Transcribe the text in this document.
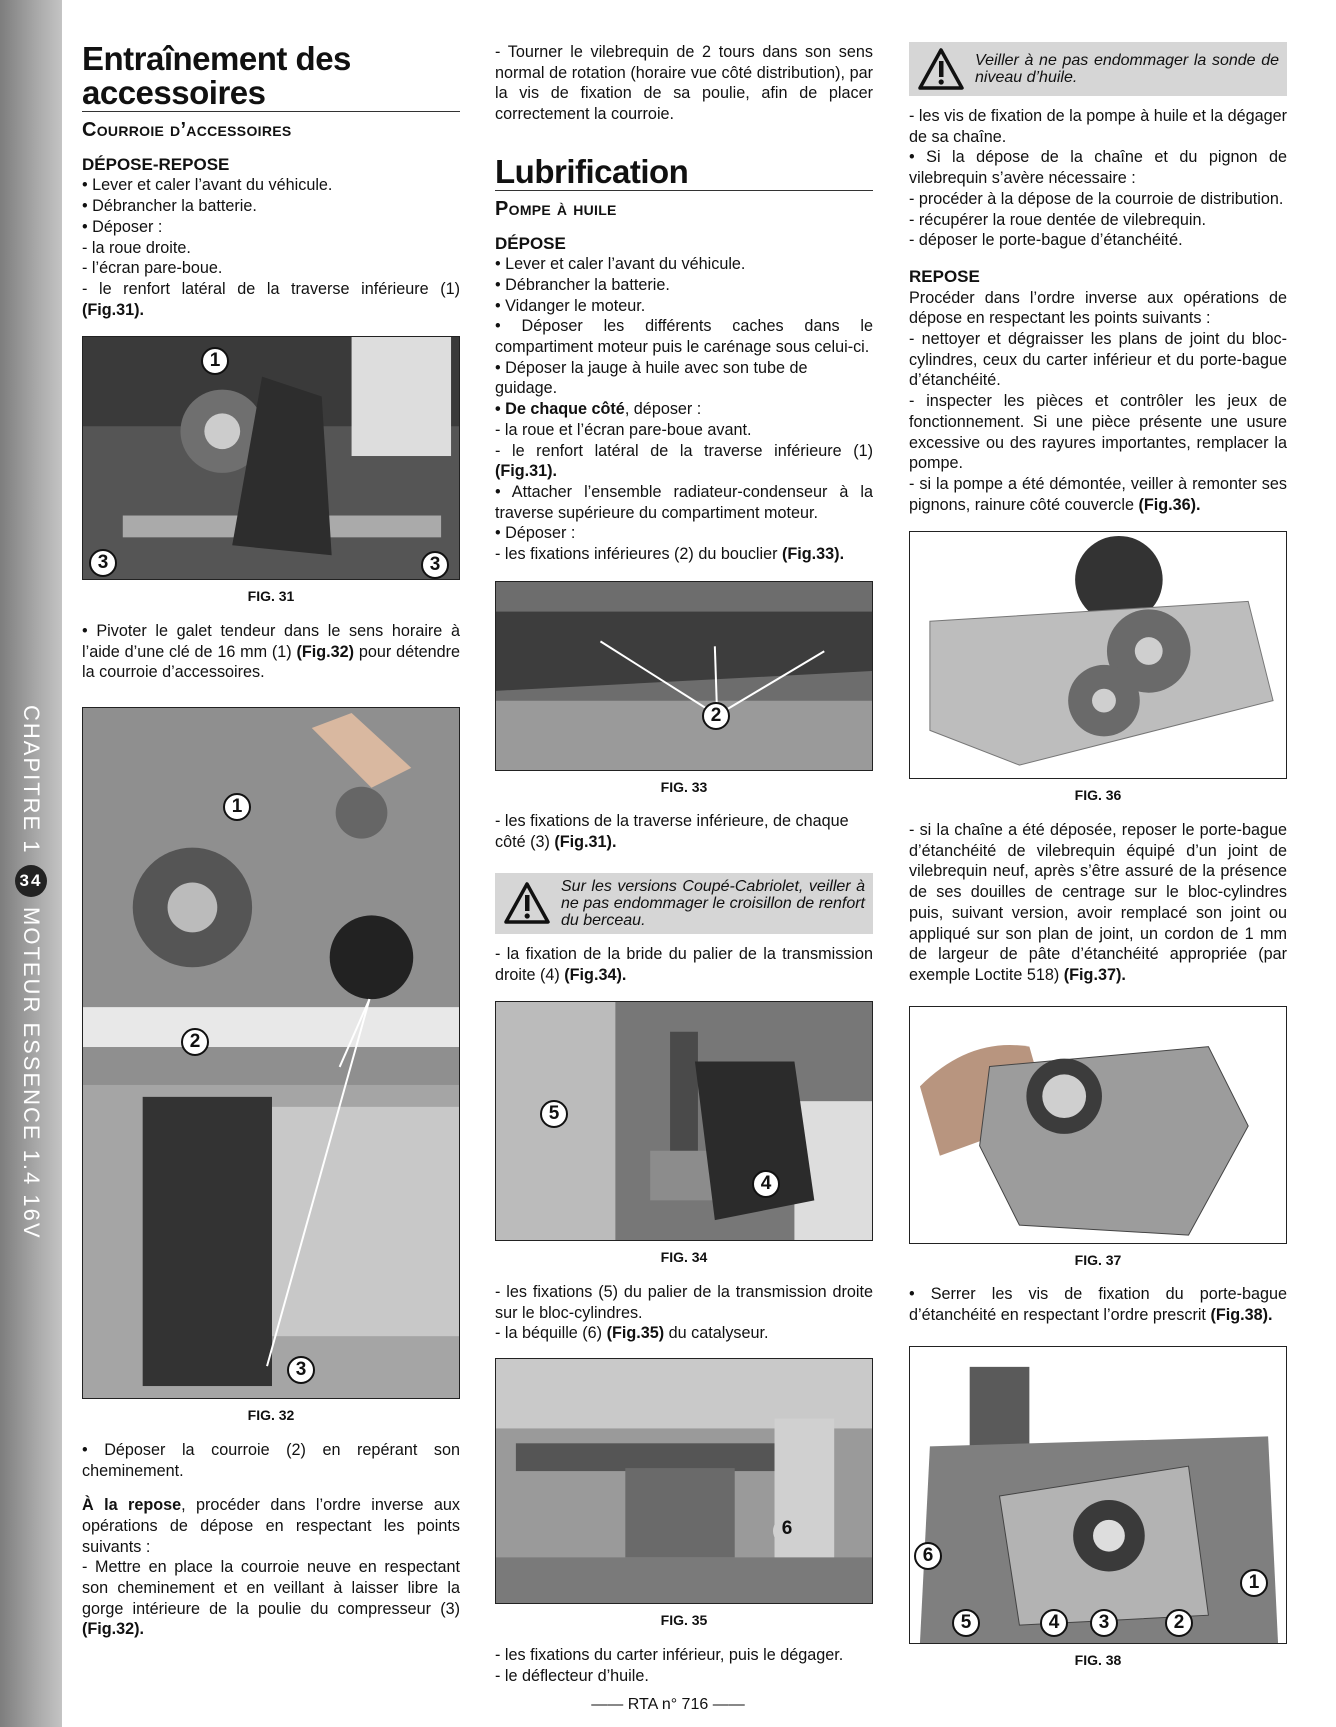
CHAPITRE 1
34
MOTEUR ESSENCE 1.4 16V
Entraînement des accessoires
Courroie d’accessoires
DÉPOSE-REPOSE

• Lever et caler l’avant du véhicule.

• Débrancher la batterie.

• Déposer :

- la roue droite.

- l’écran pare-boue.

- le renfort latéral de la traverse inférieure (1) (Fig.31).

1
3	3
FIG. 31

• Pivoter le galet tendeur dans le sens horaire à l’aide d’une clé de 16 mm (1) (Fig.32) pour détendre la courroie d’accessoires.

1
2
3
FIG. 32

• Déposer la courroie (2) en repérant son cheminement.

À la repose, procéder dans l’ordre inverse aux opérations de dépose en respectant les points suivants :

- Mettre en place la courroie neuve en respectant son cheminement et en veillant à laisser libre la gorge intérieure de la poulie du compresseur (3) (Fig.32).

- Tourner le vilebrequin de 2 tours dans son sens normal de rotation (horaire vue côté distribution), par la vis de fixation de sa poulie, afin de placer correctement la courroie.

Lubrification
Pompe à huile
DÉPOSE

• Lever et caler l’avant du véhicule.

• Débrancher la batterie.

• Vidanger le moteur.

• Déposer les différents caches dans le compartiment moteur puis le carénage sous celui-ci.

• Déposer la jauge à huile avec son tube de guidage.

• De chaque côté, déposer :

- la roue et l’écran pare-boue avant.

- le renfort latéral de la traverse inférieure (1) (Fig.31).

• Attacher l’ensemble radiateur-condenseur à la traverse supérieure du compartiment moteur.

• Déposer :

- les fixations inférieures (2) du bouclier (Fig.33).

2
FIG. 33

- les fixations de la traverse inférieure, de chaque côté (3) (Fig.31).

Sur les versions Coupé-Cabriolet, veiller à ne pas endommager le croisillon de renfort du berceau.

- la fixation de la bride du palier de la transmission droite (4) (Fig.34).

5
4
FIG. 34

- les fixations (5) du palier de la transmission droite sur le bloc-cylindres.

- la béquille (6) (Fig.35) du catalyseur.

6
FIG. 35

- les fixations du carter inférieur, puis le dégager.

- le déflecteur d’huile.

Veiller à ne pas endommager la sonde de niveau d’huile.

- les vis de fixation de la pompe à huile et la dégager de sa chaîne.

• Si la dépose de la chaîne et du pignon de vilebrequin s’avère nécessaire :

- procéder à la dépose de la courroie de distribution.

- récupérer la roue dentée de vilebrequin.

- déposer le porte-bague d’étanchéité.

REPOSE

Procéder dans l’ordre inverse aux opérations de dépose en respectant les points suivants :

- nettoyer et dégraisser les plans de joint du bloc-cylindres, ceux du carter inférieur et du porte-bague d’étanchéité.

- inspecter les pièces et contrôler les jeux de fonctionnement. Si une pièce présente une usure excessive ou des rayures importantes, remplacer la pompe.

- si la pompe a été démontée, veiller à remonter ses pignons, rainure côté couvercle (Fig.36).

FIG. 36

- si la chaîne a été déposée, reposer le porte-bague d’étanchéité de vilebrequin équipé d’un joint de vilebrequin neuf, après s’être assuré de la présence de ses douilles de centrage sur le bloc-cylindres puis, suivant version, avoir remplacé son joint ou appliqué sur son plan de joint, un cordon de 1 mm de largeur de pâte d’étanchéité appropriée (par exemple Loctite 518) (Fig.37).

FIG. 37

• Serrer les vis de fixation du porte-bague d’étanchéité en respectant l’ordre prescrit (Fig.38).

6
1
5	4	3	2
FIG. 38
—— RTA n° 716 ——
